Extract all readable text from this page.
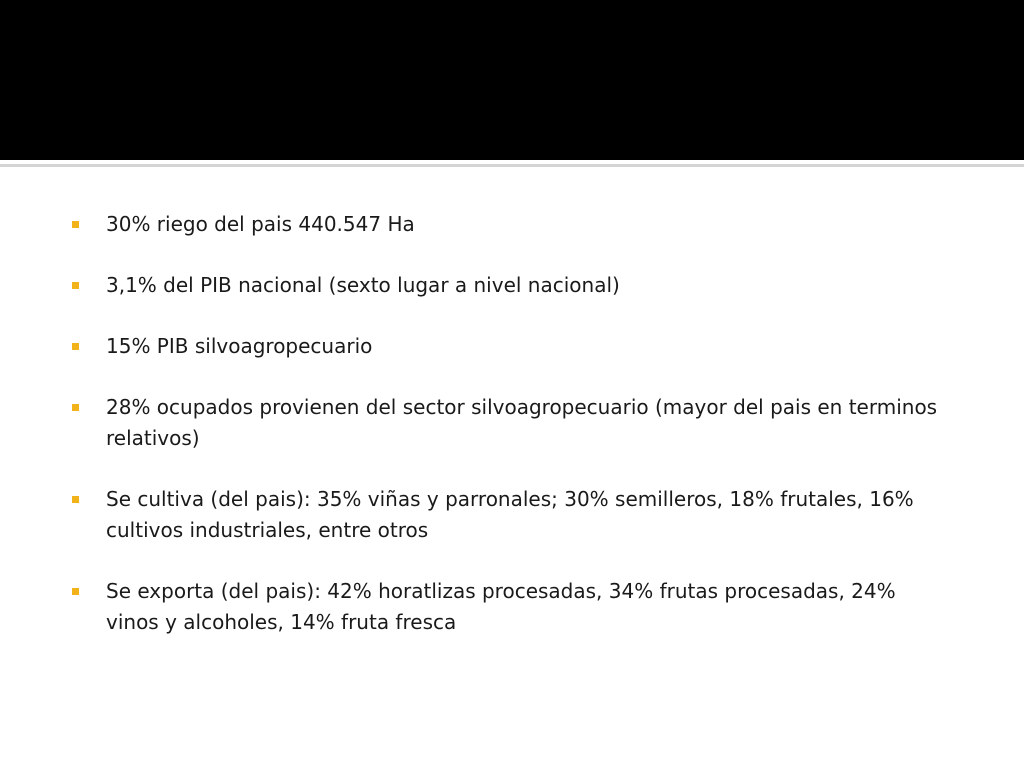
30% riego del pais 440.547 Ha
3,1% del PIB nacional (sexto lugar a nivel nacional)
15% PIB silvoagropecuario
28% ocupados provienen del sector silvoagropecuario (mayor del pais en terminos relativos)
Se cultiva (del pais): 35% viñas y parronales; 30% semilleros, 18% frutales, 16% cultivos industriales, entre otros
Se exporta (del pais): 42% horatlizas procesadas, 34% frutas procesadas, 24% vinos y alcoholes, 14% fruta fresca
